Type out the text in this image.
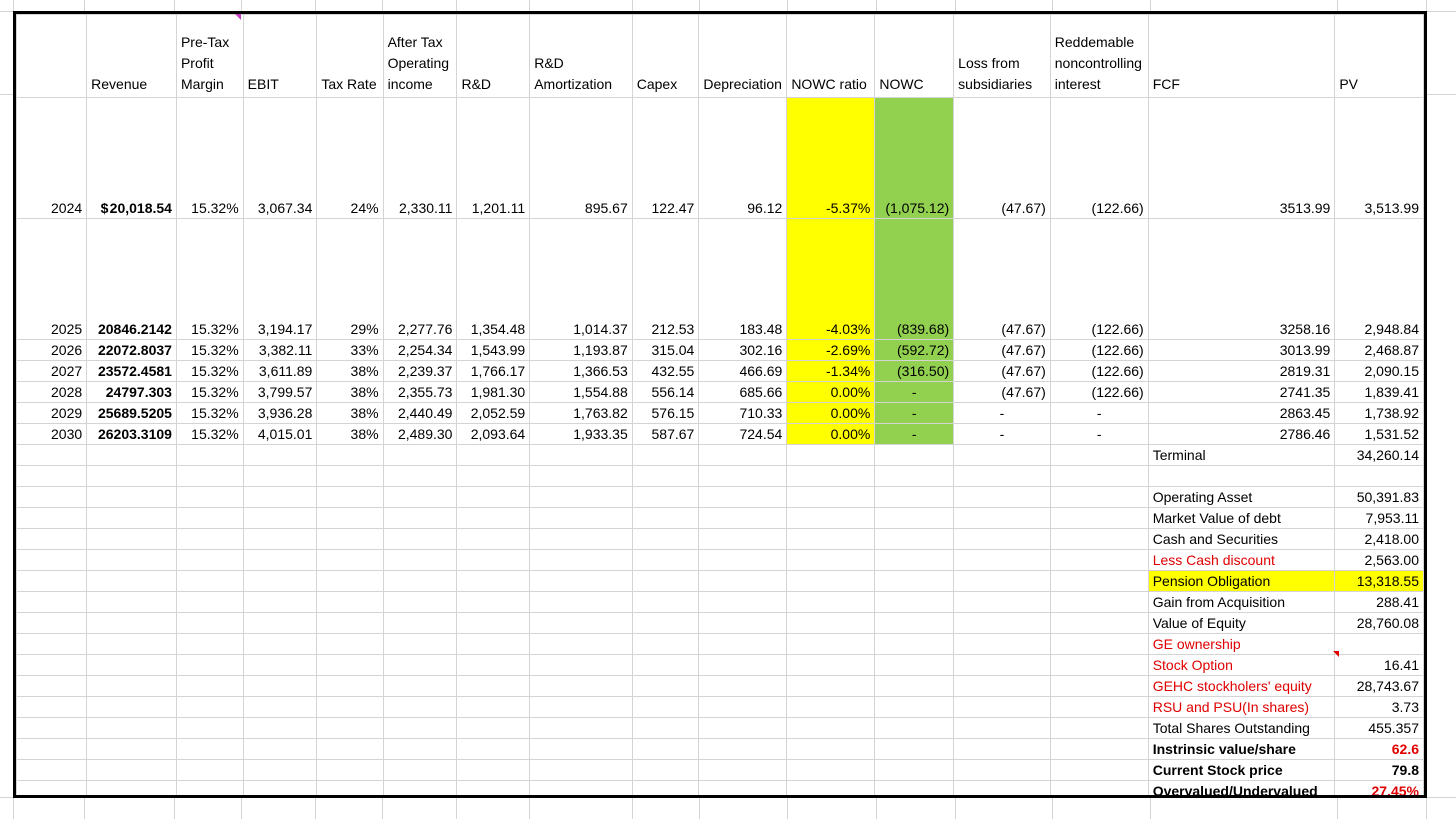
	Revenue	Pre-Tax Profit Margin	EBIT	Tax Rate	After Tax Operating income	R&D	R&D Amortization	Capex	Depreciation	NOWC ratio	NOWC	Loss from subsidiaries	Reddemable noncontrolling interest	FCF	PV
2024	$20,018.54	15.32%	3,067.34	24%	2,330.11	1,201.11	895.67	122.47	96.12	-5.37%	(1,075.12)	(47.67)	(122.66)	3513.99	3,513.99
2025	20846.2142	15.32%	3,194.17	29%	2,277.76	1,354.48	1,014.37	212.53	183.48	-4.03%	(839.68)	(47.67)	(122.66)	3258.16	2,948.84
2026	22072.8037	15.32%	3,382.11	33%	2,254.34	1,543.99	1,193.87	315.04	302.16	-2.69%	(592.72)	(47.67)	(122.66)	3013.99	2,468.87
2027	23572.4581	15.32%	3,611.89	38%	2,239.37	1,766.17	1,366.53	432.55	466.69	-1.34%	(316.50)	(47.67)	(122.66)	2819.31	2,090.15
2028	24797.303	15.32%	3,799.57	38%	2,355.73	1,981.30	1,554.88	556.14	685.66	0.00%	-	(47.67)	(122.66)	2741.35	1,839.41
2029	25689.5205	15.32%	3,936.28	38%	2,440.49	2,052.59	1,763.82	576.15	710.33	0.00%	-	-	-	2863.45	1,738.92
2030	26203.3109	15.32%	4,015.01	38%	2,489.30	2,093.64	1,933.35	587.67	724.54	0.00%	-	-	-	2786.46	1,531.52
														Terminal	34,260.14

														Operating Asset	50,391.83
														Market Value of debt	7,953.11
														Cash and Securities	2,418.00
														Less Cash discount	2,563.00
														Pension Obligation	13,318.55
														Gain from Acquisition	288.41
														Value of Equity	28,760.08
														GE ownership	
														Stock Option	16.41
														GEHC stockholers' equity	28,743.67
														RSU and PSU(In shares)	3.73
														Total Shares Outstanding	455.357
														Instrinsic value/share	62.6
														Current Stock price	79.8
														Overvalued/Undervalued	27.45%
